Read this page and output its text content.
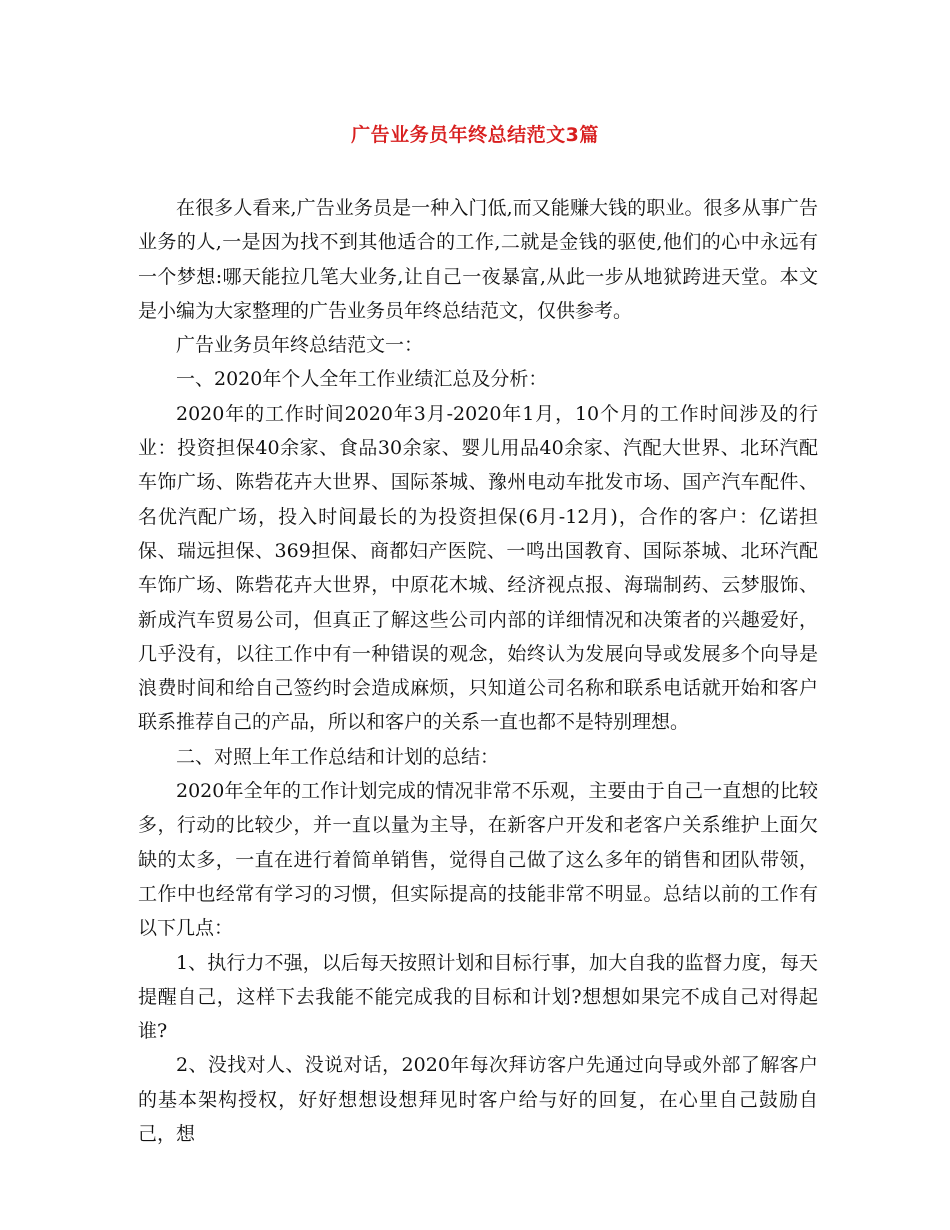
广告业务员年终总结范文3篇

在很多人看来,广告业务员是一种入门低,而又能赚大钱的职业。很多从事广告业务的人,一是因为找不到其他适合的工作,二就是金钱的驱使,他们的心中永远有一个梦想:哪天能拉几笔大业务,让自己一夜暴富,从此一步从地狱跨进天堂。本文是小编为大家整理的广告业务员年终总结范文，仅供参考。

广告业务员年终总结范文一：

一、2020年个人全年工作业绩汇总及分析：

2020年的工作时间2020年3月-2020年1月，10个月的工作时间涉及的行业：投资担保40余家、食品30余家、婴儿用品40余家、汽配大世界、北环汽配车饰广场、陈砦花卉大世界、国际茶城、豫州电动车批发市场、国产汽车配件、名优汽配广场，投入时间最长的为投资担保(6月-12月)，合作的客户：亿诺担保、瑞远担保、369担保、商都妇产医院、一鸣出国教育、国际茶城、北环汽配车饰广场、陈砦花卉大世界，中原花木城、经济视点报、海瑞制药、云梦服饰、新成汽车贸易公司，但真正了解这些公司内部的详细情况和决策者的兴趣爱好，几乎没有，以往工作中有一种错误的观念，始终认为发展向导或发展多个向导是浪费时间和给自己签约时会造成麻烦，只知道公司名称和联系电话就开始和客户联系推荐自己的产品，所以和客户的关系一直也都不是特别理想。

二、对照上年工作总结和计划的总结：

2020年全年的工作计划完成的情况非常不乐观，主要由于自己一直想的比较多，行动的比较少，并一直以量为主导，在新客户开发和老客户关系维护上面欠缺的太多，一直在进行着简单销售，觉得自己做了这么多年的销售和团队带领，工作中也经常有学习的习惯，但实际提高的技能非常不明显。总结以前的工作有以下几点：

1、执行力不强，以后每天按照计划和目标行事，加大自我的监督力度，每天提醒自己，这样下去我能不能完成我的目标和计划?想想如果完不成自己对得起谁?

2、没找对人、没说对话，2020年每次拜访客户先通过向导或外部了解客户的基本架构授权，好好想想设想拜见时客户给与好的回复，在心里自己鼓励自己，想
